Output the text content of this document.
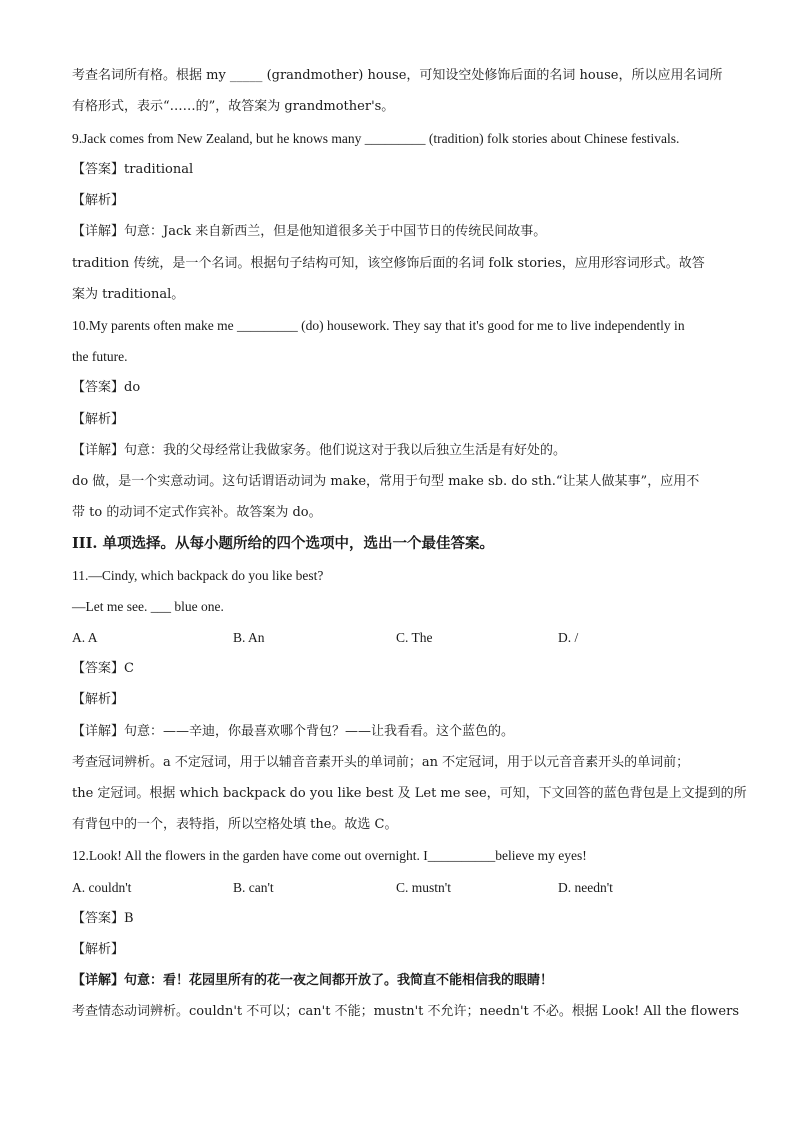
考查名词所有格。根据 my _____ (grandmother) house，可知设空处修饰后面的名词 house，所以应用名词所
有格形式，表示“……的”，故答案为 grandmother's。
9.Jack comes from New Zealand, but he knows many _________ (tradition) folk stories about Chinese festivals.
【答案】traditional
【解析】
【详解】句意：Jack 来自新西兰，但是他知道很多关于中国节日的传统民间故事。
tradition 传统，是一个名词。根据句子结构可知，该空修饰后面的名词 folk stories，应用形容词形式。故答
案为 traditional。
10.My parents often make me _________ (do) housework. They say that it's good for me to live independently in
the future.
【答案】do
【解析】
【详解】句意：我的父母经常让我做家务。他们说这对于我以后独立生活是有好处的。
do 做，是一个实意动词。这句话谓语动词为 make，常用于句型 make sb. do sth.“让某人做某事”，应用不
带 to 的动词不定式作宾补。故答案为 do。
III. 单项选择。从每小题所给的四个选项中，选出一个最佳答案。
11.—Cindy, which backpack do you like best?
—Let me see. ___ blue one.
A. A	B. An	C. The	D. /
【答案】C
【解析】
【详解】句意：——辛迪，你最喜欢哪个背包？——让我看看。这个蓝色的。
考查冠词辨析。a 不定冠词，用于以辅音音素开头的单词前；an 不定冠词，用于以元音音素开头的单词前；
the 定冠词。根据 which backpack do you like best 及 Let me see，可知，下文回答的蓝色背包是上文提到的所
有背包中的一个，表特指，所以空格处填 the。故选 C。
12.Look! All the flowers in the garden have come out overnight. I__________believe my eyes!
A. couldn't	B. can't	C. mustn't	D. needn't
【答案】B
【解析】
【详解】句意：看！花园里所有的花一夜之间都开放了。我简直不能相信我的眼睛！
考查情态动词辨析。couldn't 不可以；can't 不能；mustn't 不允许；needn't 不必。根据 Look! All the flowers
